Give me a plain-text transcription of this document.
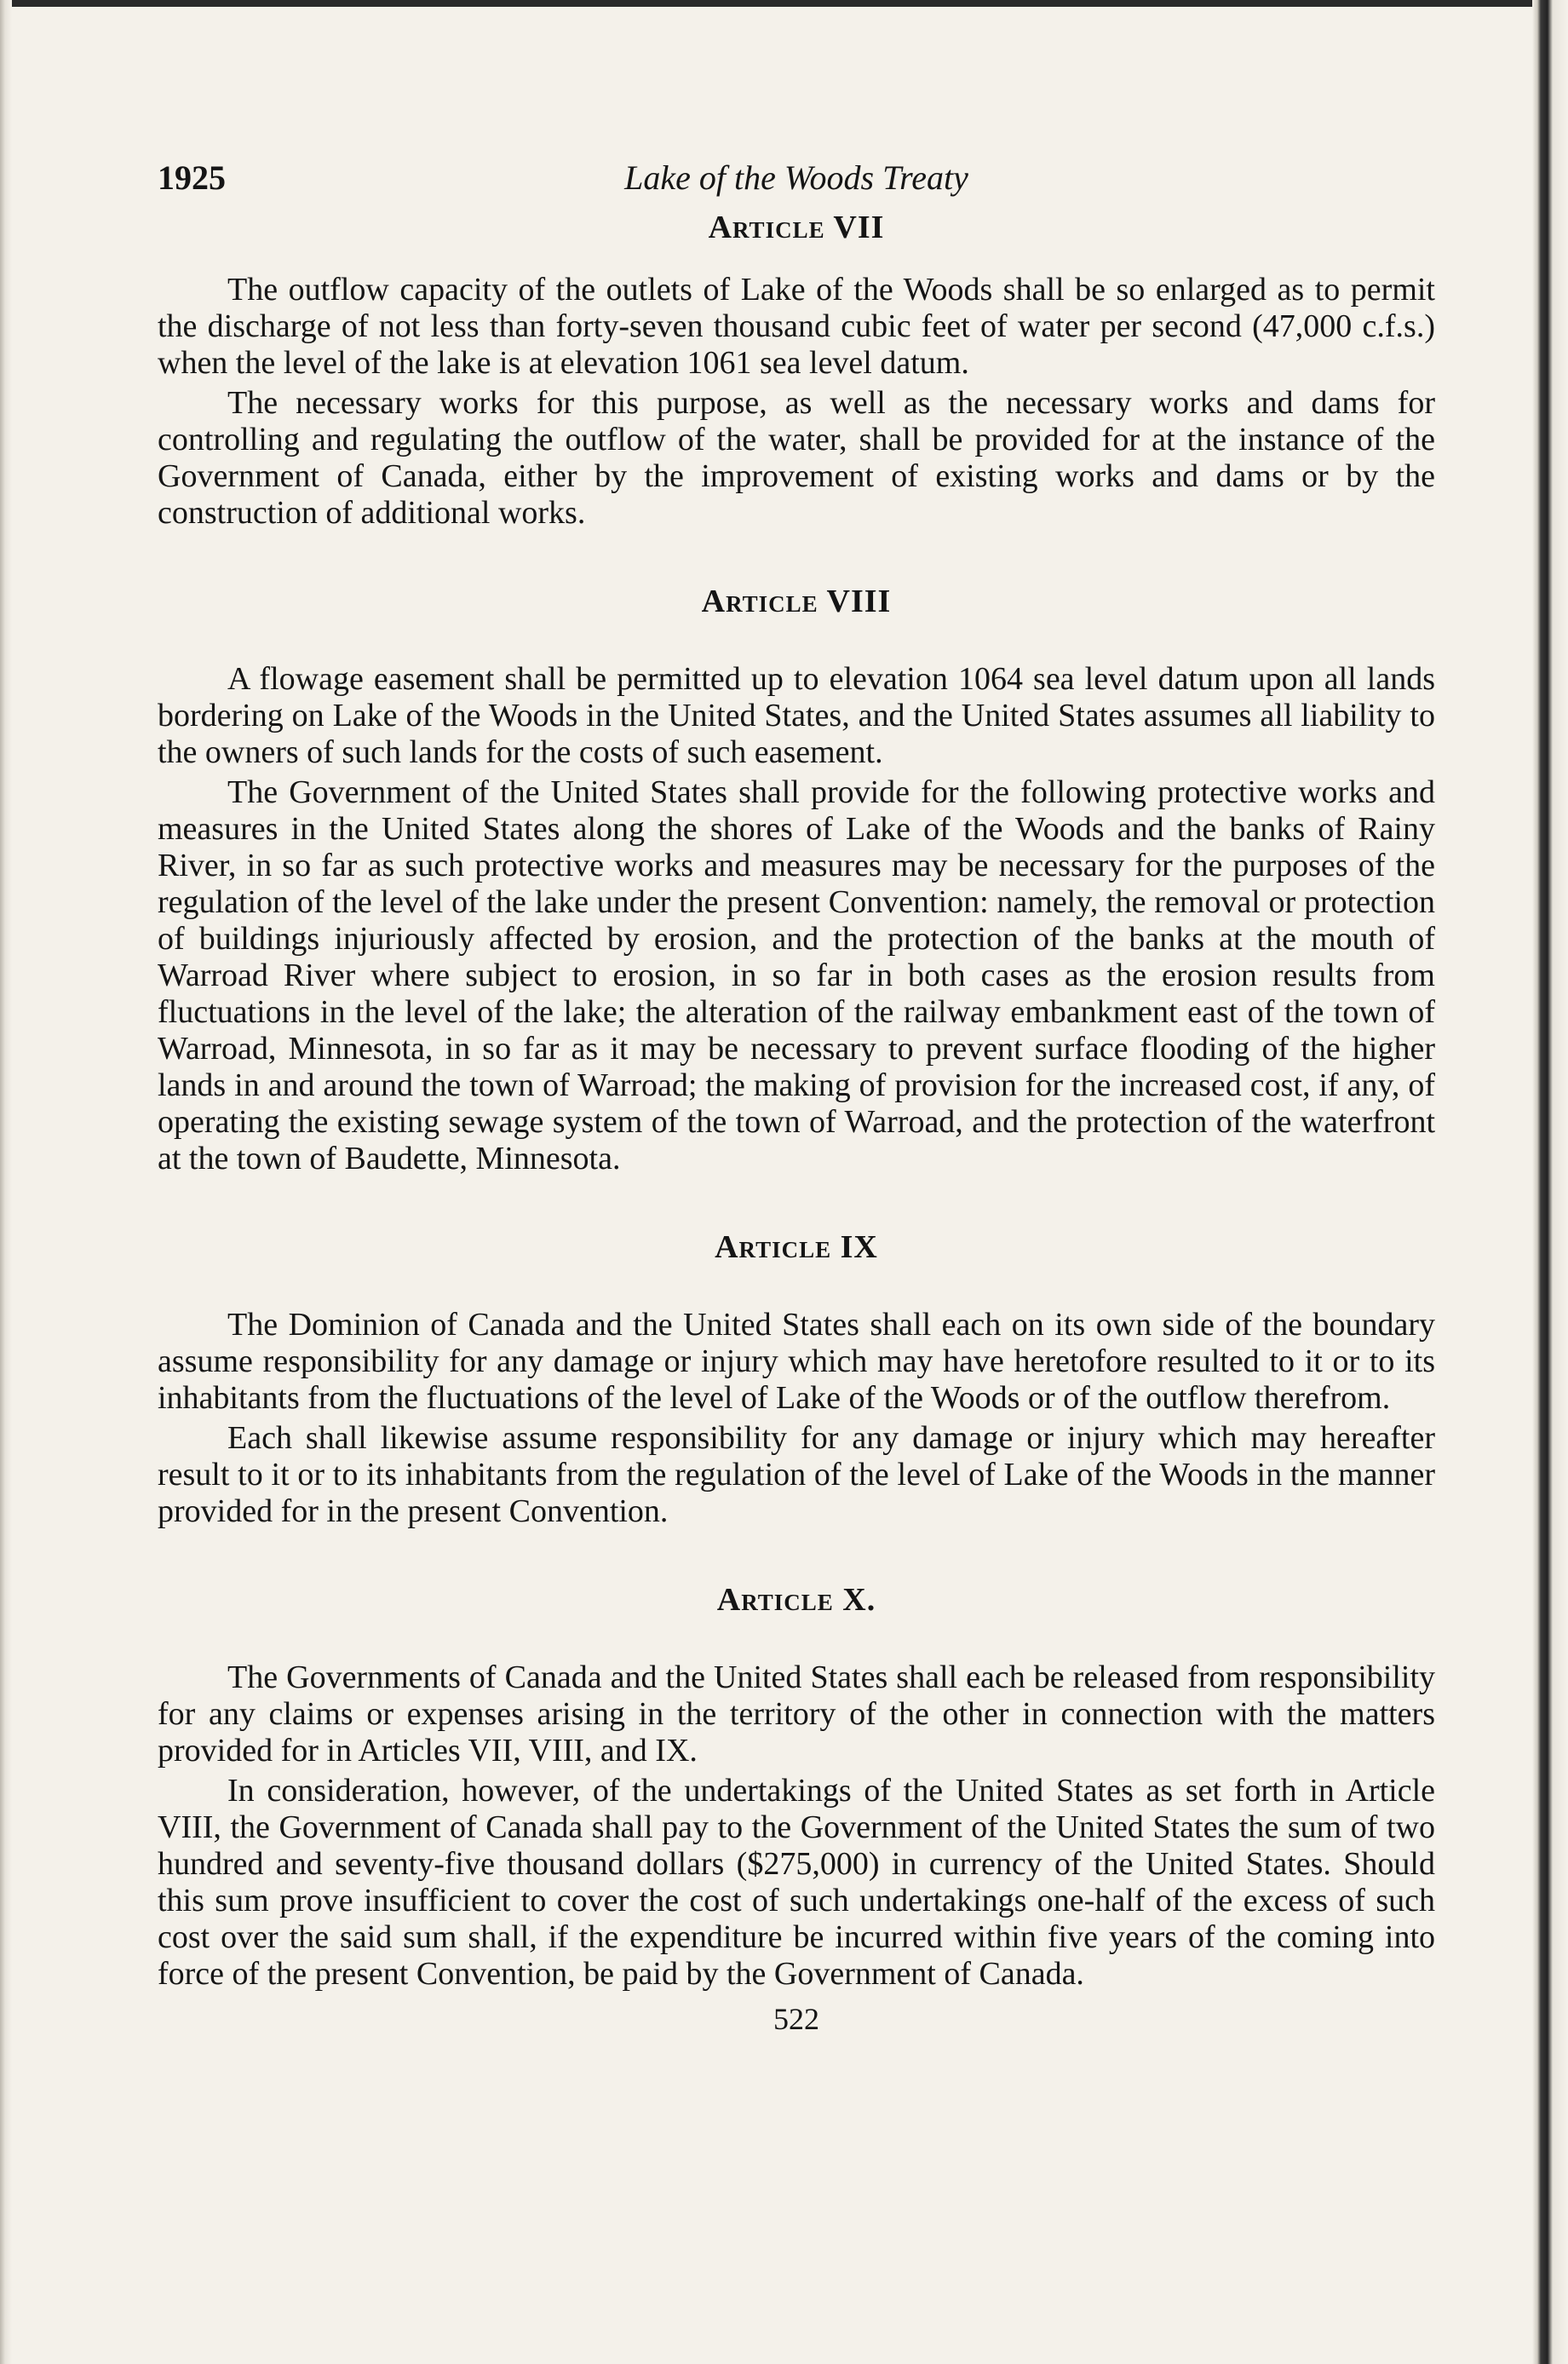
1925	Lake of the Woods Treaty
Article VII

The outflow capacity of the outlets of Lake of the Woods shall be so enlarged as to permit the discharge of not less than forty-seven thousand cubic feet of water per second (47,000 c.f.s.) when the level of the lake is at elevation 1061 sea level datum.

The necessary works for this purpose, as well as the necessary works and dams for controlling and regulating the outflow of the water, shall be provided for at the instance of the Government of Canada, either by the improvement of existing works and dams or by the construction of additional works.

Article VIII

A flowage easement shall be permitted up to elevation 1064 sea level datum upon all lands bordering on Lake of the Woods in the United States, and the United States assumes all liability to the owners of such lands for the costs of such easement.

The Government of the United States shall provide for the following protective works and measures in the United States along the shores of Lake of the Woods and the banks of Rainy River, in so far as such protective works and measures may be necessary for the purposes of the regulation of the level of the lake under the present Convention: namely, the removal or protection of buildings injuriously affected by erosion, and the protection of the banks at the mouth of Warroad River where subject to erosion, in so far in both cases as the erosion results from fluctuations in the level of the lake; the alteration of the railway embankment east of the town of Warroad, Minnesota, in so far as it may be necessary to prevent surface flooding of the higher lands in and around the town of Warroad; the making of provision for the increased cost, if any, of operating the existing sewage system of the town of Warroad, and the protection of the waterfront at the town of Baudette, Minnesota.

Article IX

The Dominion of Canada and the United States shall each on its own side of the boundary assume responsibility for any damage or injury which may have heretofore resulted to it or to its inhabitants from the fluctuations of the level of Lake of the Woods or of the outflow therefrom.

Each shall likewise assume responsibility for any damage or injury which may hereafter result to it or to its inhabitants from the regulation of the level of Lake of the Woods in the manner provided for in the present Convention.

Article X.

The Governments of Canada and the United States shall each be released from responsibility for any claims or expenses arising in the territory of the other in connection with the matters provided for in Articles VII, VIII, and IX.

In consideration, however, of the undertakings of the United States as set forth in Article VIII, the Government of Canada shall pay to the Government of the United States the sum of two hundred and seventy-five thousand dollars ($275,000) in currency of the United States. Should this sum prove insufficient to cover the cost of such undertakings one-half of the excess of such cost over the said sum shall, if the expenditure be incurred within five years of the coming into force of the present Convention, be paid by the Government of Canada.

522
